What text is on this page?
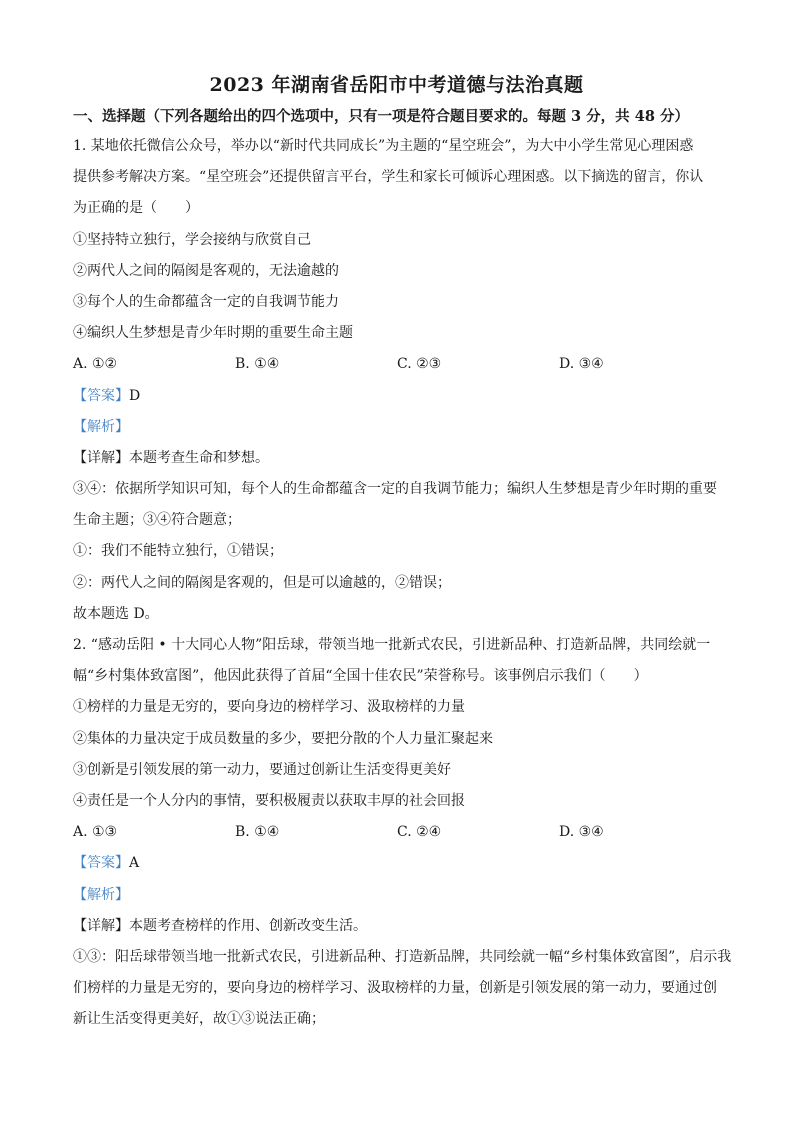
2023 年湖南省岳阳市中考道德与法治真题
一、选择题（下列各题给出的四个选项中，只有一项是符合题目要求的。每题 3 分，共 48 分）
1. 某地依托微信公众号，举办以“新时代共同成长”为主题的“星空班会”，为大中小学生常见心理困惑
提供参考解决方案。“星空班会”还提供留言平台，学生和家长可倾诉心理困惑。以下摘选的留言，你认
为正确的是（　　）
①坚持特立独行，学会接纳与欣赏自己
②两代人之间的隔阂是客观的，无法逾越的
③每个人的生命都蕴含一定的自我调节能力
④编织人生梦想是青少年时期的重要生命主题
A. ①②	B. ①④	C. ②③	D. ③④
【答案】D
【解析】
【详解】本题考查生命和梦想。
③④：依据所学知识可知，每个人的生命都蕴含一定的自我调节能力；编织人生梦想是青少年时期的重要
生命主题；③④符合题意；
①：我们不能特立独行，①错误；
②：两代人之间的隔阂是客观的，但是可以逾越的，②错误；
故本题选 D。
2. “感动岳阳 • 十大同心人物”阳岳球，带领当地一批新式农民，引进新品种、打造新品牌，共同绘就一
幅“乡村集体致富图”，他因此获得了首届“全国十佳农民”荣誉称号。该事例启示我们（　　）
①榜样的力量是无穷的，要向身边的榜样学习、汲取榜样的力量
②集体的力量决定于成员数量的多少，要把分散的个人力量汇聚起来
③创新是引领发展的第一动力，要通过创新让生活变得更美好
④责任是一个人分内的事情，要积极履责以获取丰厚的社会回报
A. ①③	B. ①④	C. ②④	D. ③④
【答案】A
【解析】
【详解】本题考查榜样的作用、创新改变生活。
①③：阳岳球带领当地一批新式农民，引进新品种、打造新品牌，共同绘就一幅“乡村集体致富图”，启示我
们榜样的力量是无穷的，要向身边的榜样学习、汲取榜样的力量，创新是引领发展的第一动力，要通过创
新让生活变得更美好，故①③说法正确；
